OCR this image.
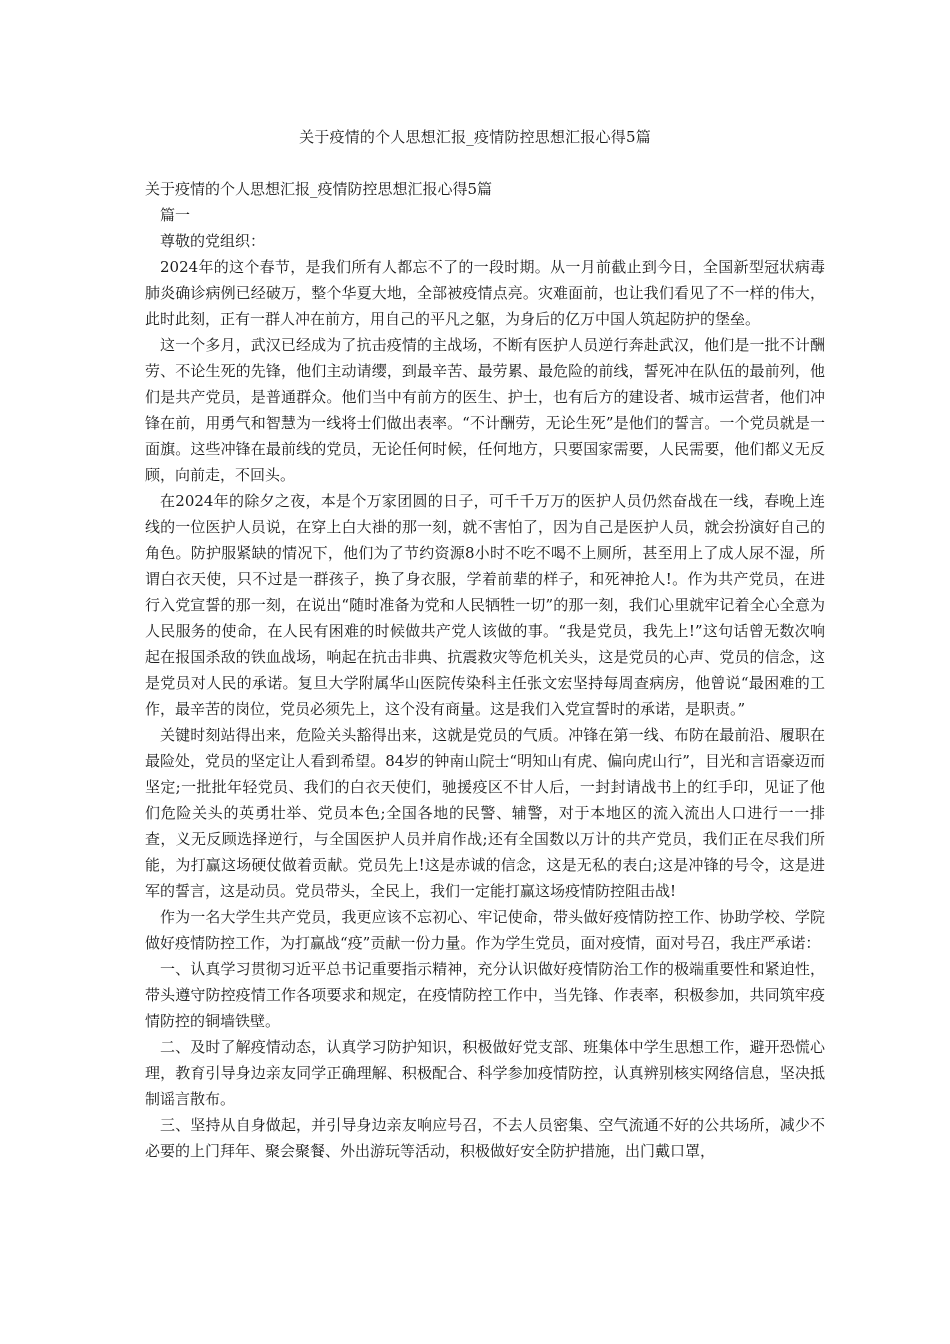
关于疫情的个人思想汇报_疫情防控思想汇报心得5篇

关于疫情的个人思想汇报_疫情防控思想汇报心得5篇

篇一

尊敬的党组织：

2024年的这个春节，是我们所有人都忘不了的一段时期。从一月前截止到今日，全国新型冠状病毒肺炎确诊病例已经破万，整个华夏大地，全部被疫情点亮。灾难面前，也让我们看见了不一样的伟大，此时此刻，正有一群人冲在前方，用自己的平凡之躯，为身后的亿万中国人筑起防护的堡垒。

这一个多月，武汉已经成为了抗击疫情的主战场，不断有医护人员逆行奔赴武汉，他们是一批不计酬劳、不论生死的先锋，他们主动请缨，到最辛苦、最劳累、最危险的前线，誓死冲在队伍的最前列，他们是共产党员，是普通群众。他们当中有前方的医生、护士，也有后方的建设者、城市运营者，他们冲锋在前，用勇气和智慧为一线将士们做出表率。“不计酬劳，无论生死”是他们的誓言。一个党员就是一面旗。这些冲锋在最前线的党员，无论任何时候，任何地方，只要国家需要，人民需要，他们都义无反顾，向前走，不回头。

在2024年的除夕之夜，本是个万家团圆的日子，可千千万万的医护人员仍然奋战在一线，春晚上连线的一位医护人员说，在穿上白大褂的那一刻，就不害怕了，因为自己是医护人员，就会扮演好自己的角色。防护服紧缺的情况下，他们为了节约资源8小时不吃不喝不上厕所，甚至用上了成人尿不湿，所谓白衣天使，只不过是一群孩子，换了身衣服，学着前辈的样子，和死神抢人!。作为共产党员，在进行入党宣誓的那一刻，在说出“随时准备为党和人民牺牲一切”的那一刻，我们心里就牢记着全心全意为人民服务的使命，在人民有困难的时候做共产党人该做的事。“我是党员，我先上!”这句话曾无数次响起在报国杀敌的铁血战场，响起在抗击非典、抗震救灾等危机关头，这是党员的心声、党员的信念，这是党员对人民的承诺。复旦大学附属华山医院传染科主任张文宏坚持每周查病房，他曾说“最困难的工作，最辛苦的岗位，党员必须先上，这个没有商量。这是我们入党宣誓时的承诺，是职责。”

关键时刻站得出来，危险关头豁得出来，这就是党员的气质。冲锋在第一线、布防在最前沿、履职在最险处，党员的坚定让人看到希望。84岁的钟南山院士“明知山有虎、偏向虎山行”，目光和言语豪迈而坚定;一批批年轻党员、我们的白衣天使们，驰援疫区不甘人后，一封封请战书上的红手印，见证了他们危险关头的英勇壮举、党员本色;全国各地的民警、辅警，对于本地区的流入流出人口进行一一排查，义无反顾选择逆行，与全国医护人员并肩作战;还有全国数以万计的共产党员，我们正在尽我们所能，为打赢这场硬仗做着贡献。党员先上!这是赤诚的信念，这是无私的表白;这是冲锋的号令，这是进军的誓言，这是动员。党员带头，全民上，我们一定能打赢这场疫情防控阻击战!

作为一名大学生共产党员，我更应该不忘初心、牢记使命，带头做好疫情防控工作、协助学校、学院做好疫情防控工作，为打赢战“疫”贡献一份力量。作为学生党员，面对疫情，面对号召，我庄严承诺：

一、认真学习贯彻习近平总书记重要指示精神，充分认识做好疫情防治工作的极端重要性和紧迫性，带头遵守防控疫情工作各项要求和规定，在疫情防控工作中，当先锋、作表率，积极参加，共同筑牢疫情防控的铜墙铁壁。

二、及时了解疫情动态，认真学习防护知识，积极做好党支部、班集体中学生思想工作，避开恐慌心理，教育引导身边亲友同学正确理解、积极配合、科学参加疫情防控，认真辨别核实网络信息，坚决抵制谣言散布。

三、坚持从自身做起，并引导身边亲友响应号召，不去人员密集、空气流通不好的公共场所，减少不必要的上门拜年、聚会聚餐、外出游玩等活动，积极做好安全防护措施，出门戴口罩，
